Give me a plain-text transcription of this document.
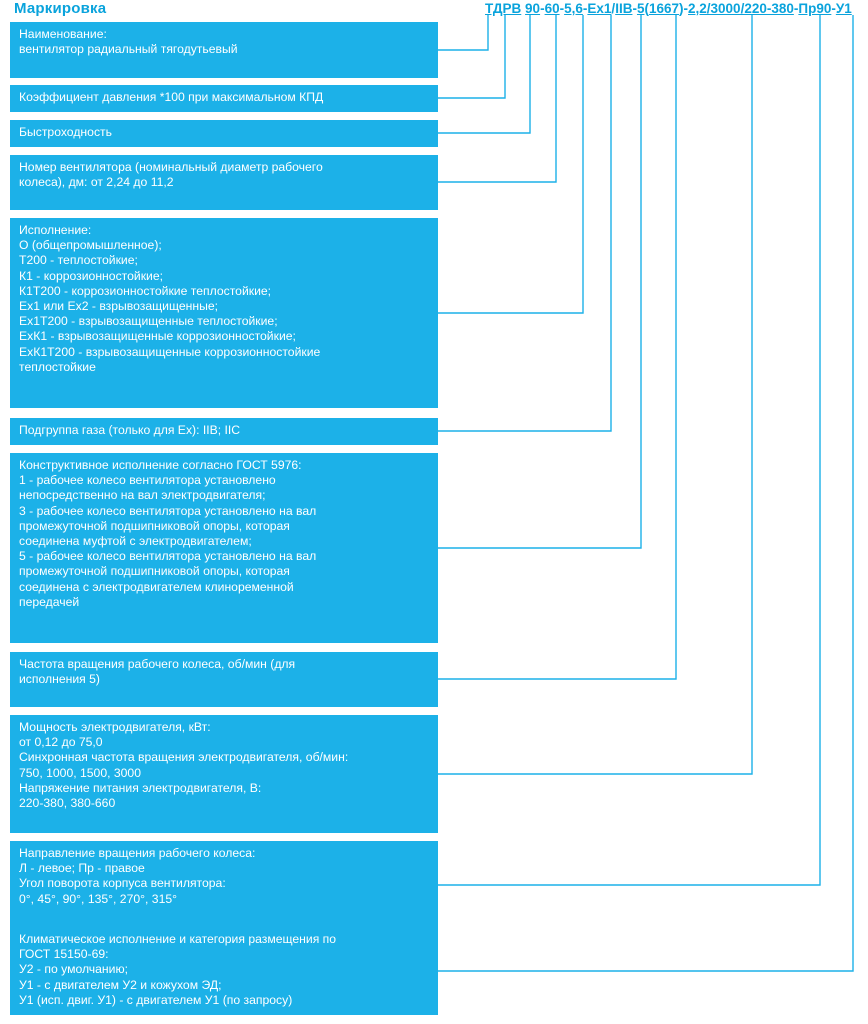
Маркировка	ТДРВ 90-60-5,6-Ex1/IIB-5(1667)-2,2/3000/220-380-Пр90-У1
Наименование:
вентилятор радиальный тягодутьевый
Коэффициент давления *100 при максимальном КПД
Быстроходность
Номер вентилятора (номинальный диаметр рабочего
колеса), дм: от 2,24 до 11,2
Исполнение:
О (общепромышленное);
Т200 - теплостойкие;
К1 - коррозионностойкие;
К1Т200 - коррозионностойкие теплостойкие;
Ех1 или Ех2 - взрывозащищенные;
Ех1Т200 - взрывозащищенные теплостойкие;
ЕхК1 - взрывозащищенные коррозионностойкие;
ЕхК1Т200 - взрывозащищенные коррозионностойкие
теплостойкие
Подгруппа газа (только для Ех): IIB; IIC
Конструктивное исполнение согласно ГОСТ 5976:
1 - рабочее колесо вентилятора установлено
непосредственно на вал электродвигателя;
3 - рабочее колесо вентилятора установлено на вал
промежуточной подшипниковой опоры, которая
соединена муфтой с электродвигателем;
5 - рабочее колесо вентилятора установлено на вал
промежуточной подшипниковой опоры, которая
соединена с электродвигателем клиноременной
передачей
Частота вращения рабочего колеса, об/мин (для
исполнения 5)
Мощность электродвигателя, кВт:
от 0,12 до 75,0
Синхронная частота вращения электродвигателя, об/мин:
750, 1000, 1500, 3000
Напряжение питания электродвигателя, В:
220-380, 380-660
Направление вращения рабочего колеса:
Л - левое; Пр - правое
Угол поворота корпуса вентилятора:
0°, 45°, 90°, 135°, 270°, 315°
Климатическое исполнение и категория размещения по
ГОСТ 15150-69:
У2 - по умолчанию;
У1 - с двигателем У2 и кожухом ЭД;
У1 (исп. двиг. У1) - с двигателем У1 (по запросу)
